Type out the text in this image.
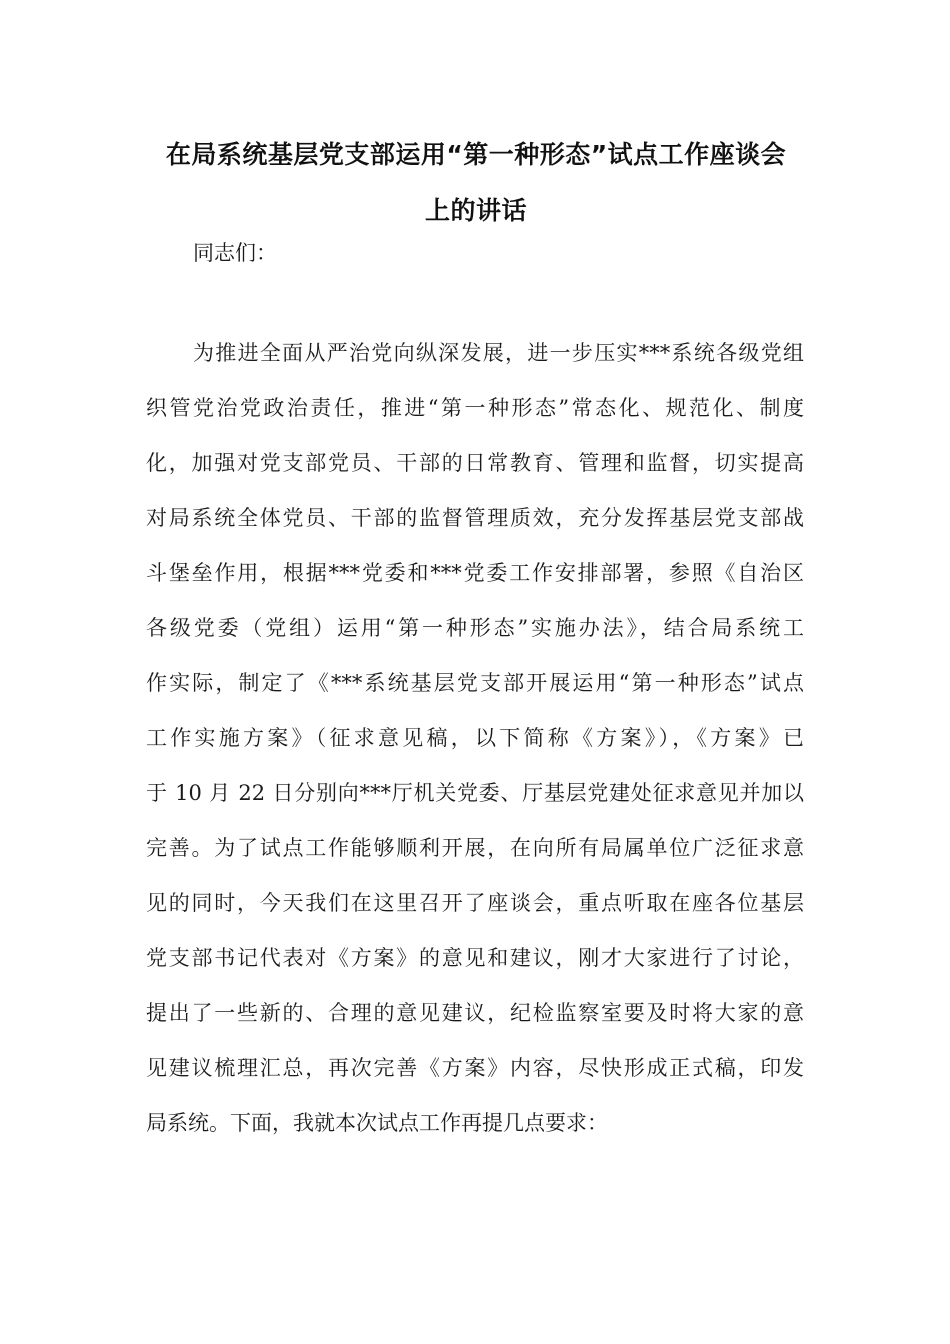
在局系统基层党支部运用“第一种形态”试点工作座谈会
上的讲话
同志们：
为推进全面从严治党向纵深发展，进一步压实***系统各级党组
织管党治党政治责任，推进“第一种形态”常态化、规范化、制度
化，加强对党支部党员、干部的日常教育、管理和监督，切实提高
对局系统全体党员、干部的监督管理质效，充分发挥基层党支部战
斗堡垒作用，根据***党委和***党委工作安排部署，参照《自治区
各级党委（党组）运用“第一种形态”实施办法》，结合局系统工
作实际，制定了《***系统基层党支部开展运用“第一种形态”试点
工作实施方案》（征求意见稿，以下简称《方案》），《方案》已
于 10 月 22 日分别向***厅机关党委、厅基层党建处征求意见并加以
完善。为了试点工作能够顺利开展，在向所有局属单位广泛征求意
见的同时，今天我们在这里召开了座谈会，重点听取在座各位基层
党支部书记代表对《方案》的意见和建议，刚才大家进行了讨论，
提出了一些新的、合理的意见建议，纪检监察室要及时将大家的意
见建议梳理汇总，再次完善《方案》内容，尽快形成正式稿，印发
局系统。下面，我就本次试点工作再提几点要求：
